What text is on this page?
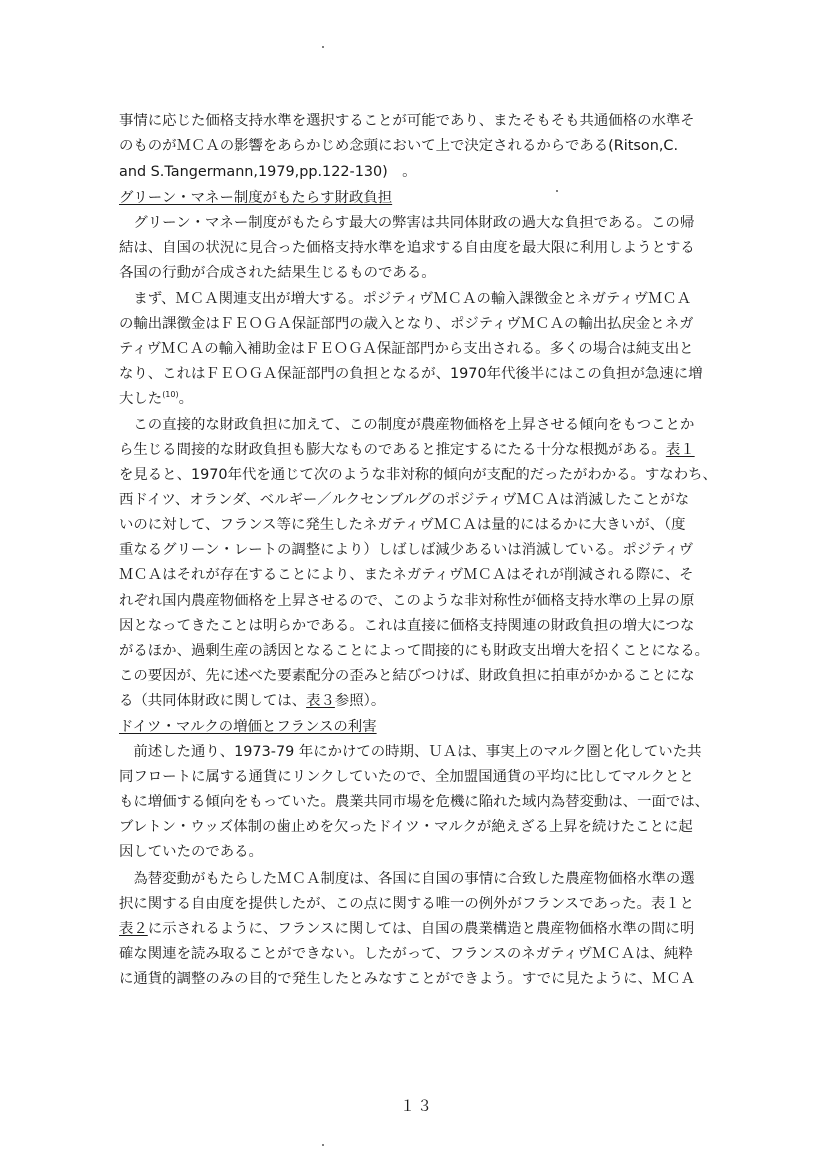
事情に応じた価格支持水準を選択することが可能であり、またそもそも共通価格の水準そ
のものがＭＣＡの影響をあらかじめ念頭において上で決定されるからである(Ritson,C.
and S.Tangermann,1979,pp.122-130)　。
グリーン・マネー制度がもたらす財政負担
　グリーン・マネー制度がもたらす最大の弊害は共同体財政の過大な負担である。この帰
結は、自国の状況に見合った価格支持水準を追求する自由度を最大限に利用しようとする
各国の行動が合成された結果生じるものである。
　まず、ＭＣＡ関連支出が増大する。ポジティヴＭＣＡの輸入課徴金とネガティヴＭＣＡ
の輸出課徴金はＦＥＯＧＡ保証部門の歳入となり、ポジティヴＭＣＡの輸出払戻金とネガ
ティヴＭＣＡの輸入補助金はＦＥＯＧＡ保証部門から支出される。多くの場合は純支出と
なり、これはＦＥＯＧＡ保証部門の負担となるが、1970年代後半にはこの負担が急速に増
大した$^{(10)}$。
　この直接的な財政負担に加えて、この制度が農産物価格を上昇させる傾向をもつことか
ら生じる間接的な財政負担も膨大なものであると推定するにたる十分な根拠がある。表１
を見ると、1970年代を通じて次のような非対称的傾向が支配的だったがわかる。すなわち、
西ドイツ、オランダ、ベルギー／ルクセンブルグのポジティヴＭＣＡは消滅したことがな
いのに対して、フランス等に発生したネガティヴＭＣＡは量的にはるかに大きいが、（度
重なるグリーン・レートの調整により）しばしば減少あるいは消滅している。ポジティヴ
ＭＣＡはそれが存在することにより、またネガティヴＭＣＡはそれが削減される際に、そ
れぞれ国内農産物価格を上昇させるので、このような非対称性が価格支持水準の上昇の原
因となってきたことは明らかである。これは直接に価格支持関連の財政負担の増大につな
がるほか、過剰生産の誘因となることによって間接的にも財政支出増大を招くことになる。
この要因が、先に述べた要素配分の歪みと結びつけば、財政負担に拍車がかかることにな
る（共同体財政に関しては、表３参照）。
ドイツ・マルクの増価とフランスの利害
　前述した通り、1973-79 年にかけての時期、ＵＡは、事実上のマルク圏と化していた共
同フロートに属する通貨にリンクしていたので、全加盟国通貨の平均に比してマルクとと
もに増価する傾向をもっていた。農業共同市場を危機に陥れた域内為替変動は、一面では、
ブレトン・ウッズ体制の歯止めを欠ったドイツ・マルクが絶えざる上昇を続けたことに起
因していたのである。
　為替変動がもたらしたＭＣＡ制度は、各国に自国の事情に合致した農産物価格水準の選
択に関する自由度を提供したが、この点に関する唯一の例外がフランスであった。表１と
表２に示されるように、フランスに関しては、自国の農業構造と農産物価格水準の間に明
確な関連を読み取ることができない。したがって、フランスのネガティヴＭＣＡは、純粋
に通貨的調整のみの目的で発生したとみなすことができよう。すでに見たように、ＭＣＡ
１３
